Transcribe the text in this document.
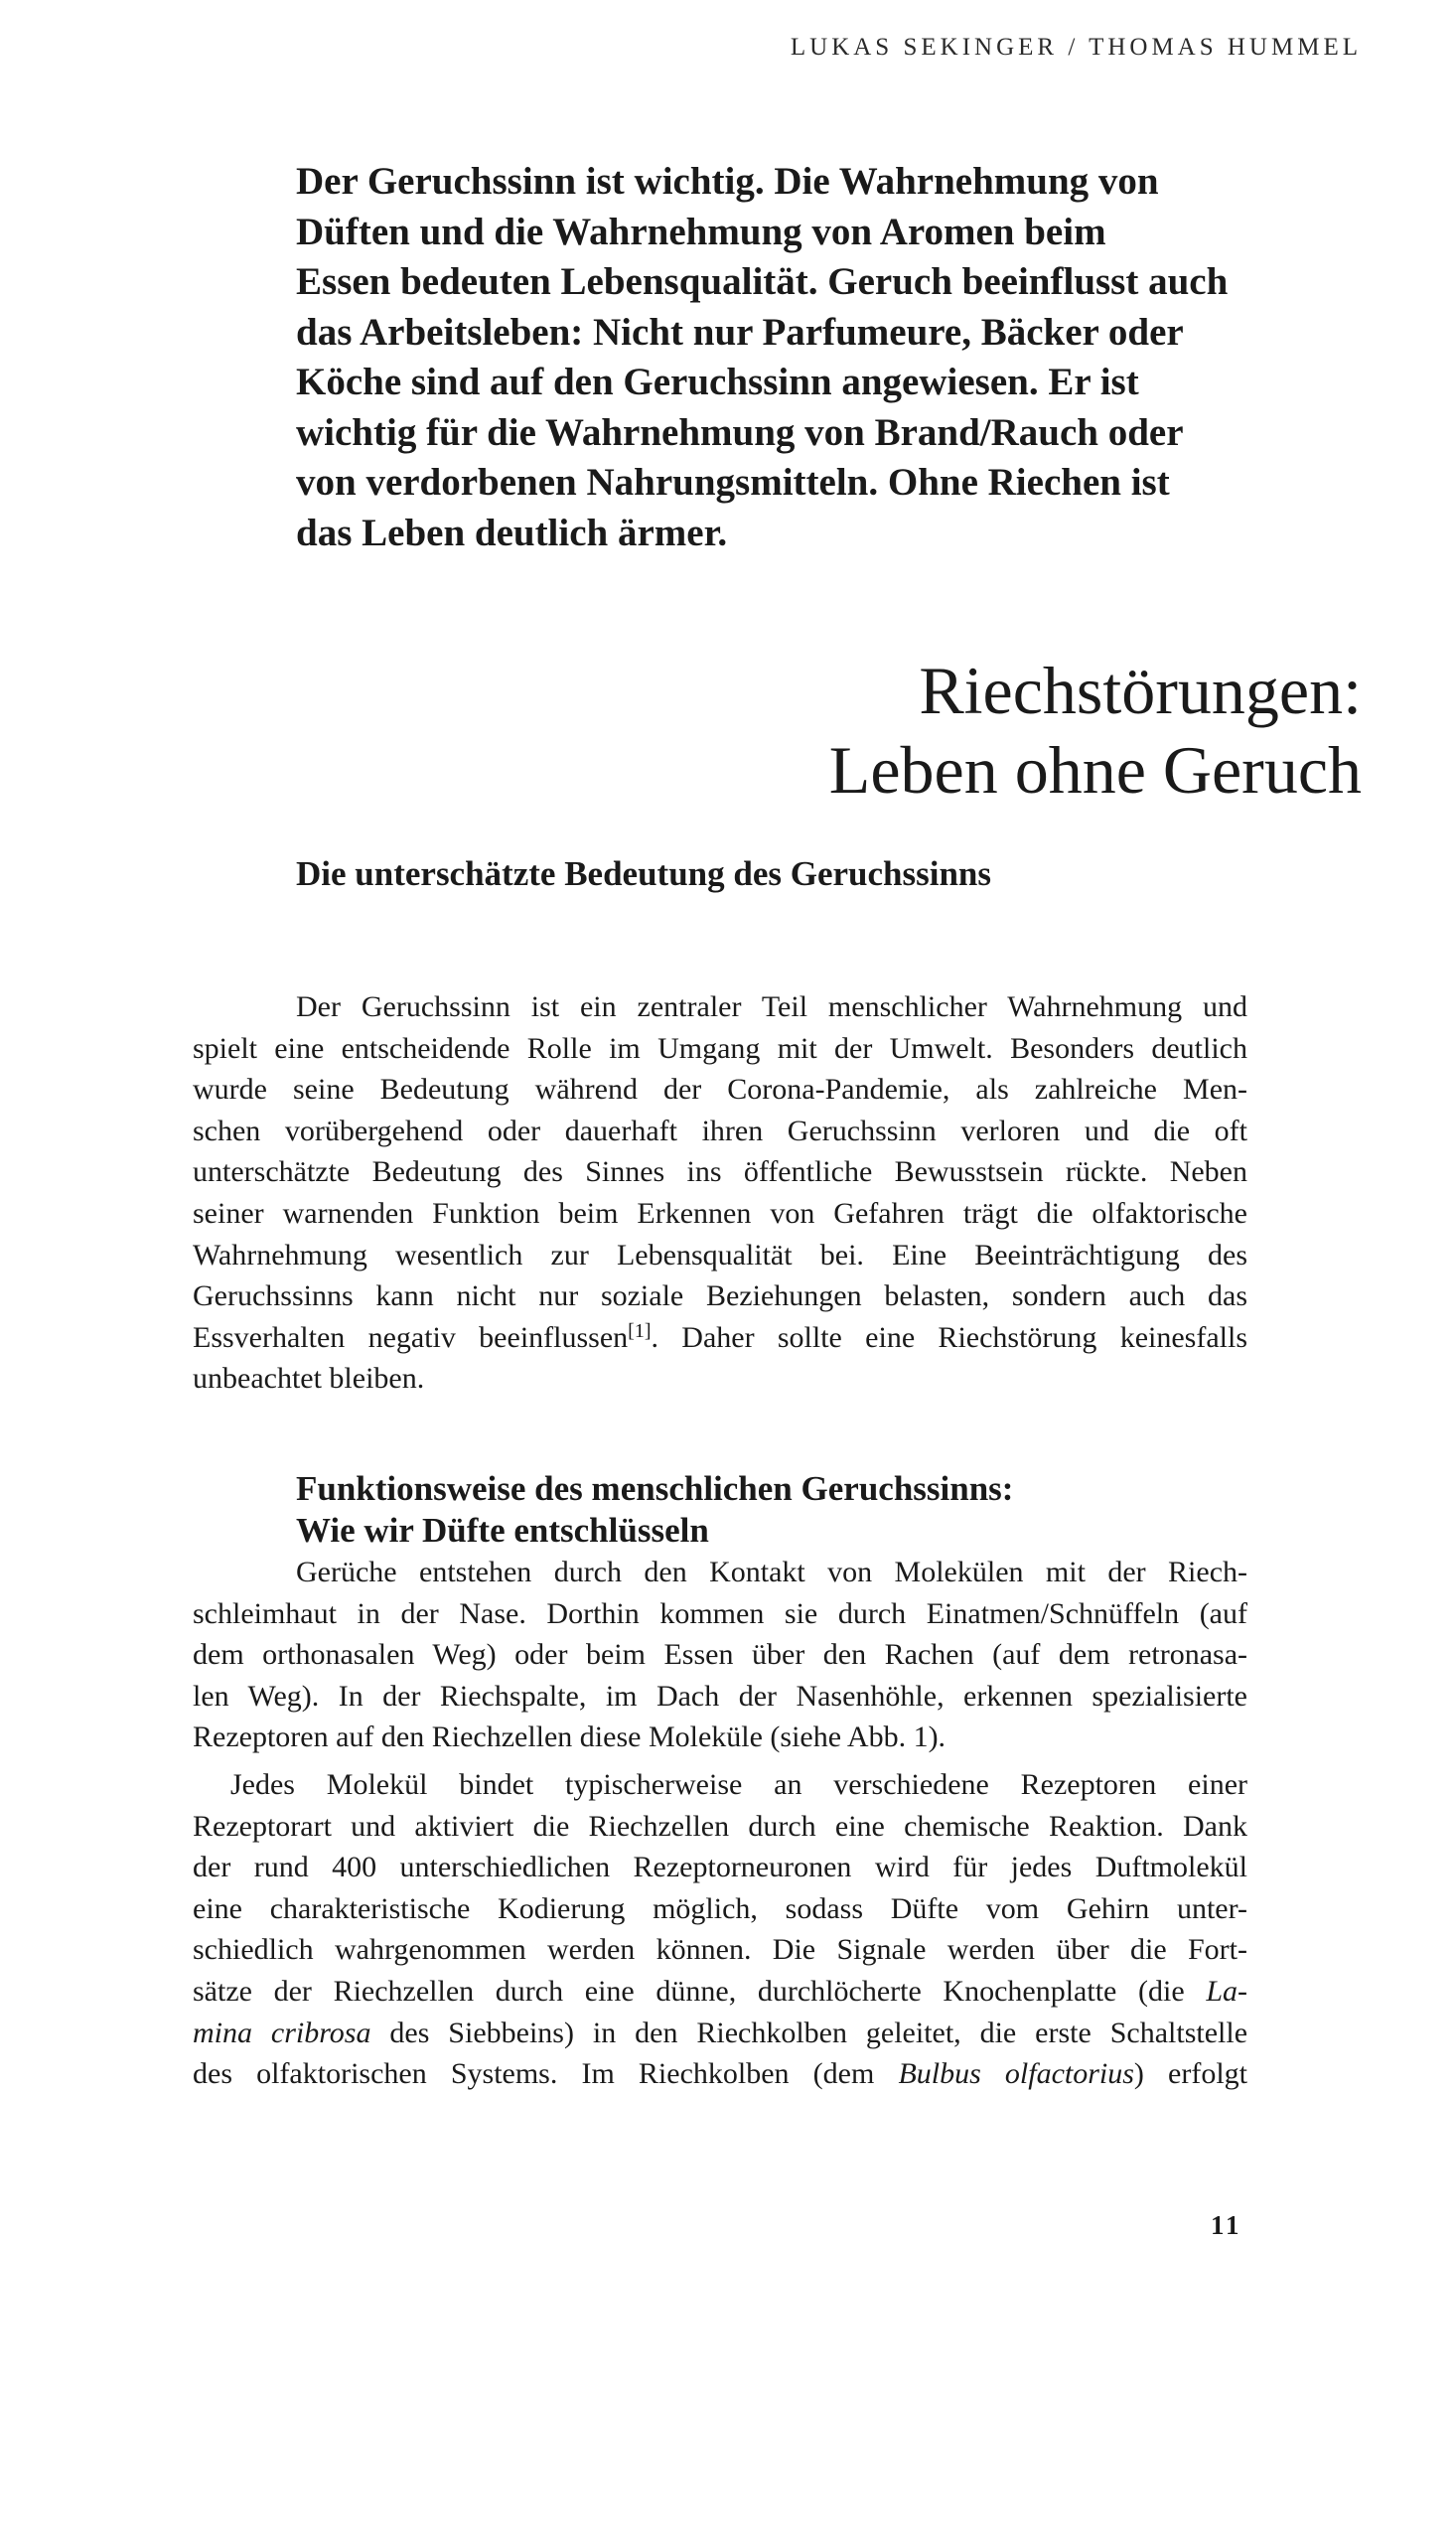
LUKAS SEKINGER / THOMAS HUMMEL
Der Geruchssinn ist wichtig. Die Wahrnehmung von
Düften und die Wahrnehmung von Aromen beim
Essen bedeuten Lebensqualität. Geruch beeinflusst auch
das Arbeitsleben: Nicht nur Parfumeure, Bäcker oder
Köche sind auf den Geruchssinn angewiesen. Er ist
wichtig für die Wahrnehmung von Brand/Rauch oder
von verdorbenen Nahrungsmitteln. Ohne Riechen ist
das Leben deutlich ärmer.
Riechstörungen:
Leben ohne Geruch
Die unterschätzte Bedeutung des Geruchssinns
Der Geruchssinn ist ein zentraler Teil menschlicher Wahrnehmung und
spielt eine entscheidende Rolle im Umgang mit der Umwelt. Besonders deutlich
wurde seine Bedeutung während der Corona-Pandemie, als zahlreiche Men-
schen vorübergehend oder dauerhaft ihren Geruchssinn verloren und die oft
unterschätzte Bedeutung des Sinnes ins öffentliche Bewusstsein rückte. Neben
seiner warnenden Funktion beim Erkennen von Gefahren trägt die olfaktorische
Wahrnehmung wesentlich zur Lebensqualität bei. Eine Beeinträchtigung des
Geruchssinns kann nicht nur soziale Beziehungen belasten, sondern auch das
Essverhalten negativ beeinflussen[1]. Daher sollte eine Riechstörung keinesfalls
unbeachtet bleiben.
Funktionsweise des menschlichen Geruchssinns:
Wie wir Düfte entschlüsseln
Gerüche entstehen durch den Kontakt von Molekülen mit der Riech-
schleimhaut in der Nase. Dorthin kommen sie durch Einatmen/Schnüffeln (auf
dem orthonasalen Weg) oder beim Essen über den Rachen (auf dem retronasa-
len Weg). In der Riechspalte, im Dach der Nasenhöhle, erkennen spezialisierte
Rezeptoren auf den Riechzellen diese Moleküle (siehe Abb. 1).
Jedes Molekül bindet typischerweise an verschiedene Rezeptoren einer
Rezeptorart und aktiviert die Riechzellen durch eine chemische Reaktion. Dank
der rund 400 unterschiedlichen Rezeptorneuronen wird für jedes Duftmolekül
eine charakteristische Kodierung möglich, sodass Düfte vom Gehirn unter-
schiedlich wahrgenommen werden können. Die Signale werden über die Fort-
sätze der Riechzellen durch eine dünne, durchlöcherte Knochenplatte (die La-
mina cribrosa des Siebbeins) in den Riechkolben geleitet, die erste Schaltstelle
des olfaktorischen Systems. Im Riechkolben (dem Bulbus olfactorius) erfolgt
11
